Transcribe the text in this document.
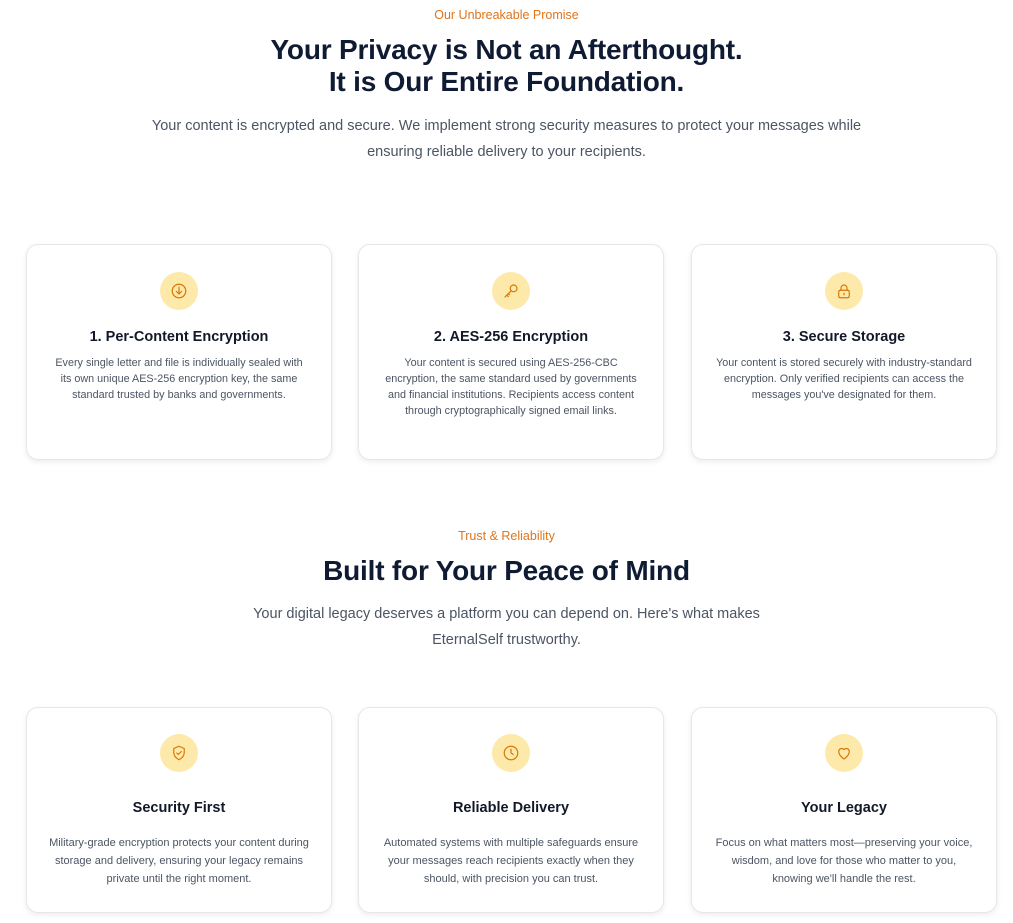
Our Unbreakable Promise

Your Privacy is Not an Afterthought.

It is Our Entire Foundation.

Your content is encrypted and secure. We implement strong security measures to protect your messages while ensuring reliable delivery to your recipients.

1. Per-Content Encryption

Every single letter and file is individually sealed with its own unique AES-256 encryption key, the same standard trusted by banks and governments.

2. AES-256 Encryption

Your content is secured using AES-256-CBC encryption, the same standard used by governments and financial institutions. Recipients access content through cryptographically signed email links.

3. Secure Storage

Your content is stored securely with industry-standard encryption. Only verified recipients can access the messages you've designated for them.

Trust & Reliability

Built for Your Peace of Mind

Your digital legacy deserves a platform you can depend on. Here's what makes EternalSelf trustworthy.

Security First

Military-grade encryption protects your content during storage and delivery, ensuring your legacy remains private until the right moment.

Reliable Delivery

Automated systems with multiple safeguards ensure your messages reach recipients exactly when they should, with precision you can trust.

Your Legacy

Focus on what matters most—preserving your voice, wisdom, and love for those who matter to you, knowing we'll handle the rest.
